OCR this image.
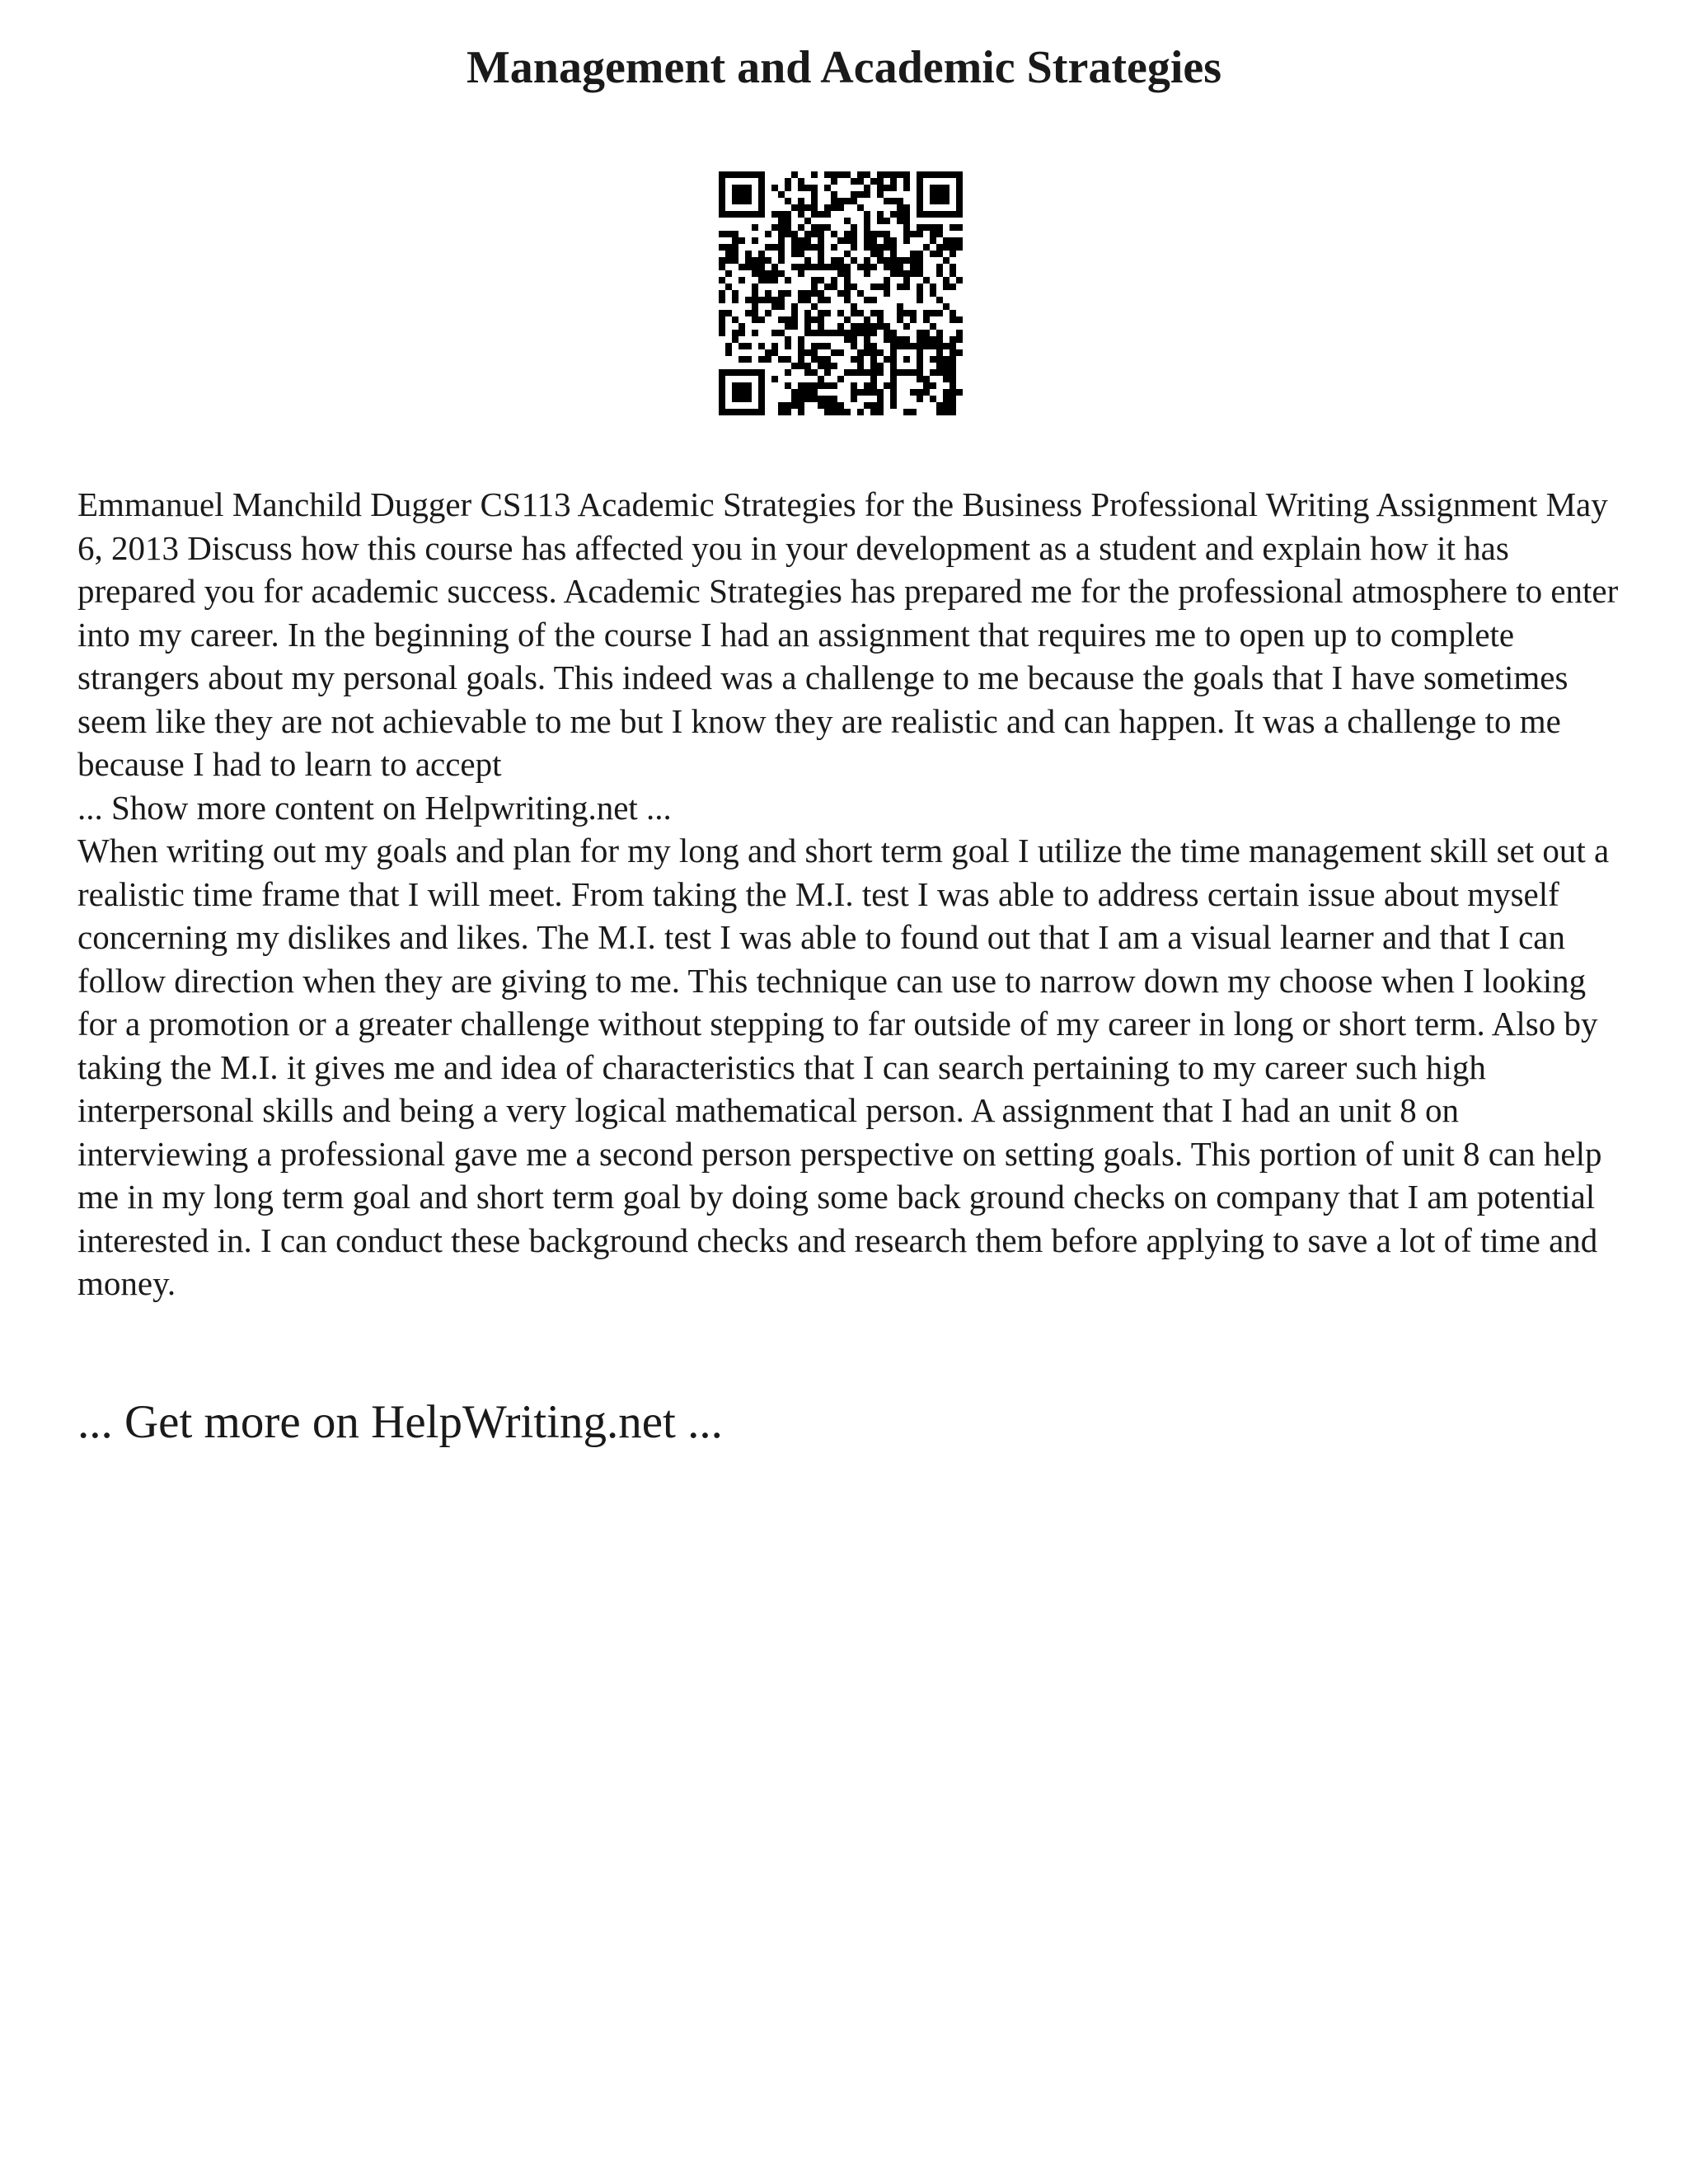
Management and Academic Strategies

Emmanuel Manchild Dugger CS113 Academic Strategies for the Business Professional Writing Assignment May 6, 2013 Discuss how this course has affected you in your development as a student and explain how it has prepared you for academic success. Academic Strategies has prepared me for the professional atmosphere to enter into my career. In the beginning of the course I had an assignment that requires me to open up to complete strangers about my personal goals. This indeed was a challenge to me because the goals that I have sometimes seem like they are not achievable to me but I know they are realistic and can happen. It was a challenge to me because I had to learn to accept

... Show more content on Helpwriting.net ...

When writing out my goals and plan for my long and short term goal I utilize the time management skill set out a realistic time frame that I will meet. From taking the M.I. test I was able to address certain issue about myself concerning my dislikes and likes. The M.I. test I was able to found out that I am a visual learner and that I can follow direction when they are giving to me. This technique can use to narrow down my choose when I looking for a promotion or a greater challenge without stepping to far outside of my career in long or short term. Also by taking the M.I. it gives me and idea of characteristics that I can search pertaining to my career such high interpersonal skills and being a very logical mathematical person. A assignment that I had an unit 8 on interviewing a professional gave me a second person perspective on setting goals. This portion of unit 8 can help me in my long term goal and short term goal by doing some back ground checks on company that I am potential interested in. I can conduct these background checks and research them before applying to save a lot of time and money.

... Get more on HelpWriting.net ...
